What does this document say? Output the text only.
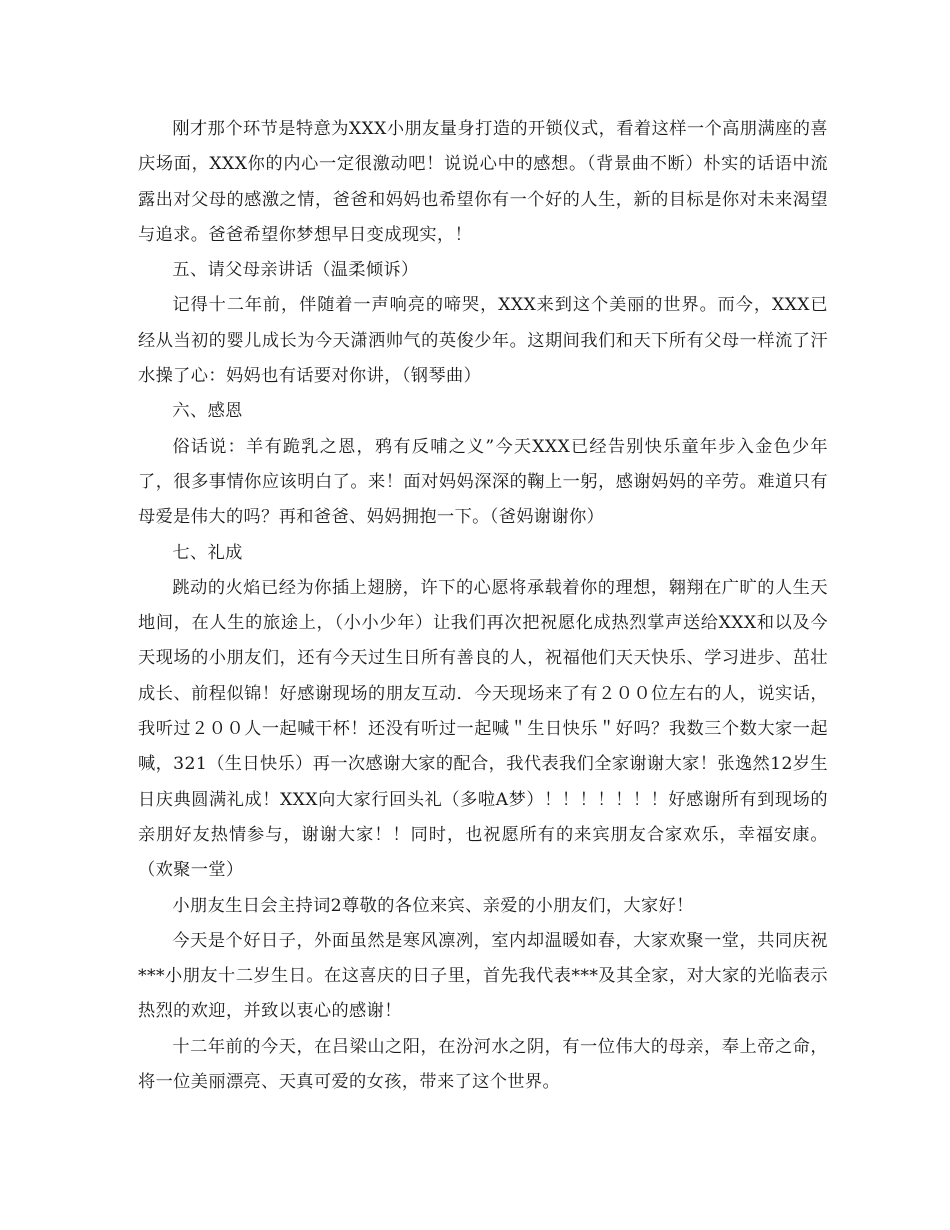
刚才那个环节是特意为XXX小朋友量身打造的开锁仪式，看着这样一个高朋满座的喜庆场面，XXX你的内心一定很激动吧！说说心中的感想。（背景曲不断）朴实的话语中流露出对父母的感激之情，爸爸和妈妈也希望你有一个好的人生，新的目标是你对未来渴望与追求。爸爸希望你梦想早日变成现实，！

五、请父母亲讲话（温柔倾诉）

记得十二年前，伴随着一声响亮的啼哭，XXX来到这个美丽的世界。而今，XXX已经从当初的婴儿成长为今天潇洒帅气的英俊少年。这期间我们和天下所有父母一样流了汗水操了心：妈妈也有话要对你讲，（钢琴曲）

六、感恩

俗话说：羊有跪乳之恩，鸦有反哺之义”今天XXX已经告别快乐童年步入金色少年了，很多事情你应该明白了。来！面对妈妈深深的鞠上一躬，感谢妈妈的辛劳。难道只有母爱是伟大的吗？再和爸爸、妈妈拥抱一下。（爸妈谢谢你）

七、礼成

跳动的火焰已经为你插上翅膀，许下的心愿将承载着你的理想，翱翔在广旷的人生天地间，在人生的旅途上，（小小少年）让我们再次把祝愿化成热烈掌声送给XXX和以及今天现场的小朋友们，还有今天过生日所有善良的人，祝福他们天天快乐、学习进步、茁壮成长、前程似锦！好感谢现场的朋友互动．今天现场来了有２００位左右的人，说实话，我听过２００人一起喊干杯！还没有听过一起喊＂生日快乐＂好吗？我数三个数大家一起喊，321（生日快乐）再一次感谢大家的配合，我代表我们全家谢谢大家！张逸然12岁生日庆典圆满礼成！XXX向大家行回头礼（多啦A梦）！！！！！！！好感谢所有到现场的亲朋好友热情参与，谢谢大家！！同时，也祝愿所有的来宾朋友合家欢乐，幸福安康。（欢聚一堂）

小朋友生日会主持词2尊敬的各位来宾、亲爱的小朋友们，大家好！

今天是个好日子，外面虽然是寒风凛冽，室内却温暖如春，大家欢聚一堂，共同庆祝***小朋友十二岁生日。在这喜庆的日子里，首先我代表***及其全家，对大家的光临表示热烈的欢迎，并致以衷心的感谢！

十二年前的今天，在吕梁山之阳，在汾河水之阴，有一位伟大的母亲，奉上帝之命，将一位美丽漂亮、天真可爱的女孩，带来了这个世界。
